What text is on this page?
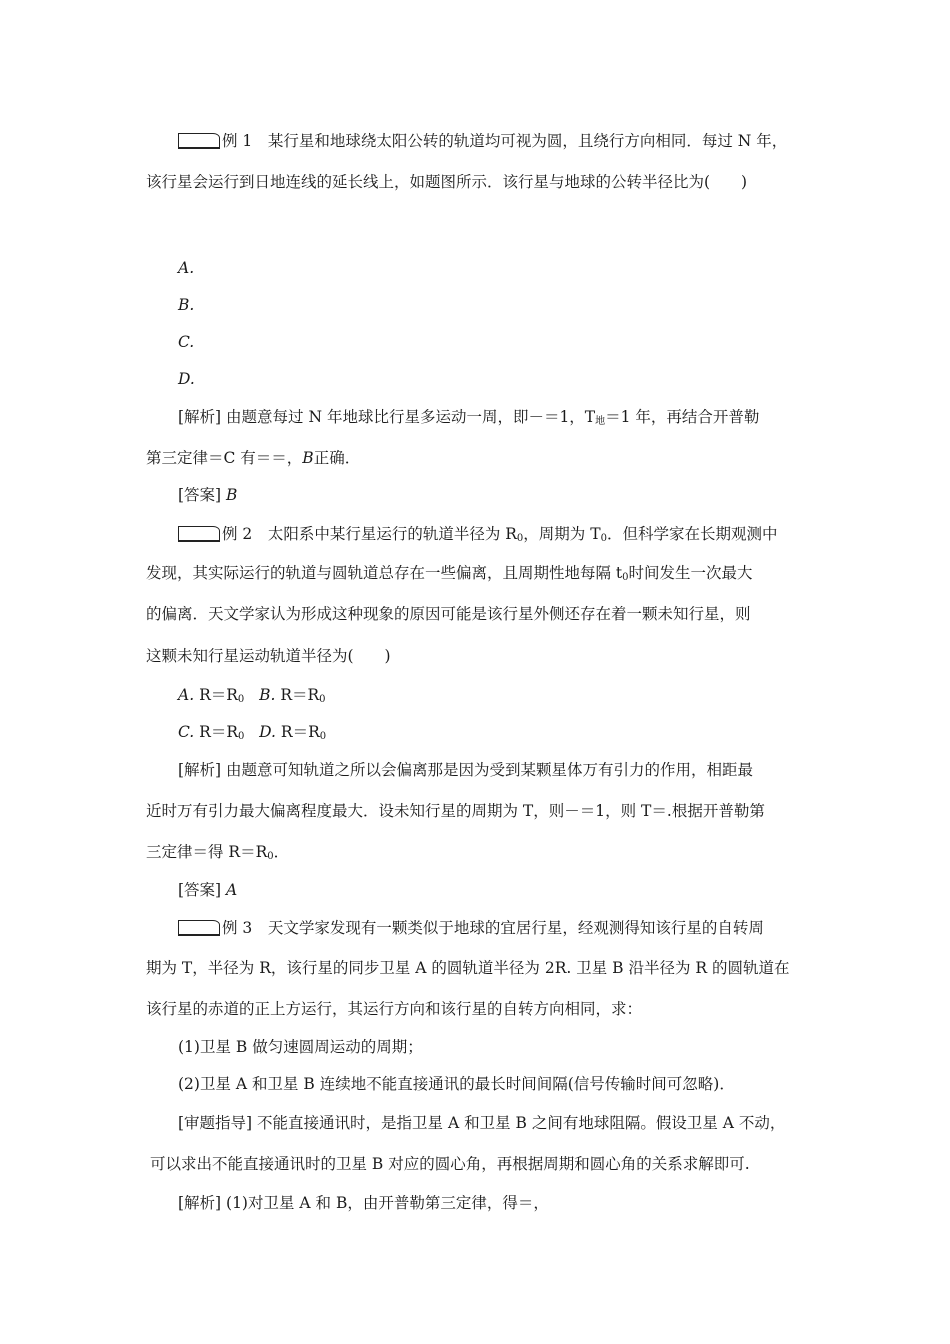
例 1　 某行星和地球绕太阳公转的轨道均可视为圆，且绕行方向相同．每过 N 年，
该行星会运行到日地连线的延长线上，如题图所示．该行星与地球的公转半径比为(　　)
A.
B.
C.
D.
[解析] 由题意每过 N 年地球比行星多运动一周，即－＝1，$T_地=1$ 年，再结合开普勒
第三定律＝C 有＝＝，B正确．
[答案] B
例 2　 太阳系中某行星运行的轨道半径为 $R_0$，周期为 $T_0$．但科学家在长期观测中
发现，其实际运行的轨道与圆轨道总存在一些偏离，且周期性地每隔 $t_0$时间发生一次最大
的偏离．天文学家认为形成这种现象的原因可能是该行星外侧还存在着一颗未知行星，则
这颗未知行星运动轨道半径为(　　)
A. $R=R_0$ B. $R=R_0$
C. $R=R_0$ D. $R=R_0$
[解析] 由题意可知轨道之所以会偏离那是因为受到某颗星体万有引力的作用，相距最
近时万有引力最大偏离程度最大．设未知行星的周期为 T，则－＝1，则 T＝.根据开普勒第
三定律＝得 $R=R_0$．
[答案] A
例 3　 天文学家发现有一颗类似于地球的宜居行星，经观测得知该行星的自转周
期为 T，半径为 R，该行星的同步卫星 A 的圆轨道半径为 2R. 卫星 B 沿半径为 R 的圆轨道在
该行星的赤道的正上方运行，其运行方向和该行星的自转方向相同，求：
(1)卫星 B 做匀速圆周运动的周期；
(2)卫星 A 和卫星 B 连续地不能直接通讯的最长时间间隔(信号传输时间可忽略)．
[审题指导] 不能直接通讯时，是指卫星 A 和卫星 B 之间有地球阻隔。假设卫星 A 不动，
可以求出不能直接通讯时的卫星 B 对应的圆心角，再根据周期和圆心角的关系求解即可.
[解析] (1)对卫星 A 和 B，由开普勒第三定律，得＝，
